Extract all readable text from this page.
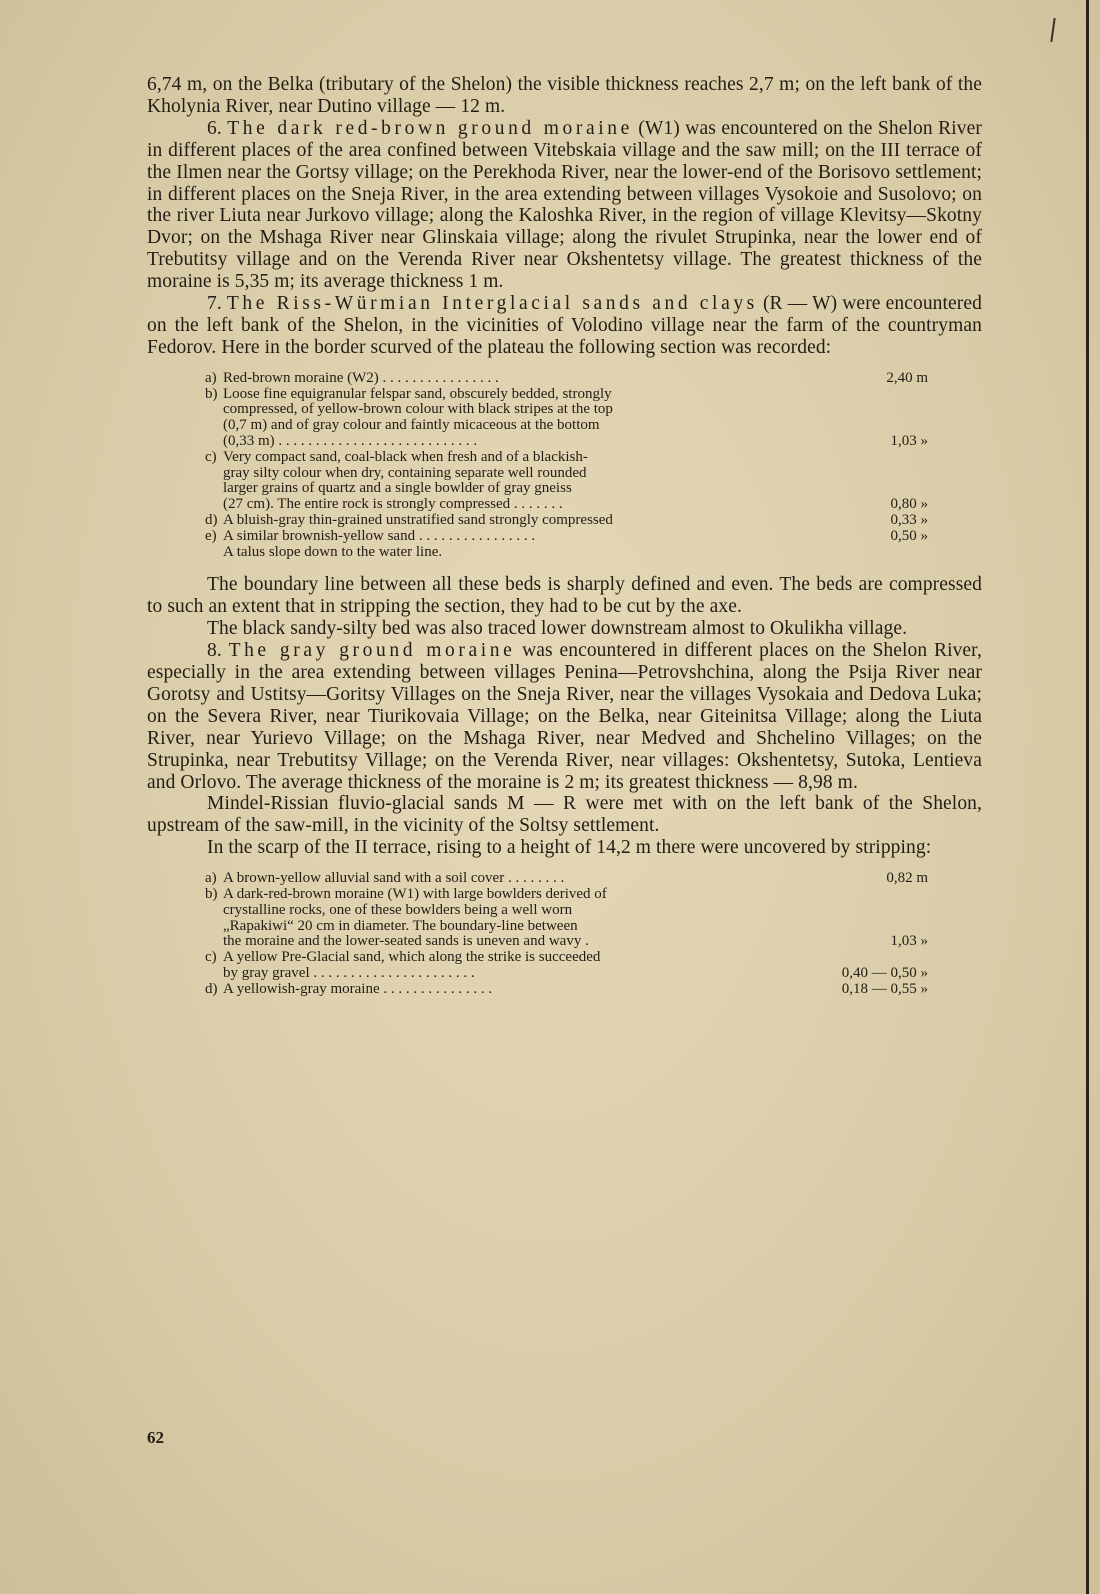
6,74 m, on the Belka (tributary of the Shelon) the visible thickness reaches 2,7 m; on the left bank of the Kholynia River, near Dutino village — 12 m.

6. The dark red-brown ground moraine (W1) was encountered on the Shelon River in different places of the area confined between Vitebskaia village and the saw mill; on the III terrace of the Ilmen near the Gortsy village; on the Perekhoda River, near the lower-end of the Borisovo settlement; in different places on the Sneja River, in the area extending between villages Vysokoie and Susolovo; on the river Liuta near Jurkovo village; along the Kaloshka River, in the region of village Klevitsy—Skotny Dvor; on the Mshaga River near Glinskaia village; along the rivulet Strupinka, near the lower end of Trebutitsy village and on the Verenda River near Okshentetsy village. The greatest thickness of the moraine is 5,35 m; its average thickness 1 m.

7. The Riss-Würmian Interglacial sands and clays (R — W) were encountered on the left bank of the Shelon, in the vicinities of Volodino village near the farm of the countryman Fedorov. Here in the border scurved of the plateau the following section was recorded:

a) Red-brown moraine (W2) . . . . . . . . . . . . . . . .	2,40 m
b) Loose fine equigranular felspar sand, obscurely bedded, strongly
compressed, of yellow-brown colour with black stripes at the top
(0,7 m) and of gray colour and faintly micaceous at the bottom
(0,33 m) . . . . . . . . . . . . . . . . . . . . . . . . . . .	1,03 »
c) Very compact sand, coal-black when fresh and of a blackish-
gray silty colour when dry, containing separate well rounded
larger grains of quartz and a single bowlder of gray gneiss
(27 cm). The entire rock is strongly compressed . . . . . . .	0,80 »
d) A bluish-gray thin-grained unstratified sand strongly compressed	0,33 »
e) A similar brownish-yellow sand . . . . . . . . . . . . . . . .	0,50 »
A talus slope down to the water line.

The boundary line between all these beds is sharply defined and even. The beds are compressed to such an extent that in stripping the section, they had to be cut by the axe.

The black sandy-silty bed was also traced lower downstream almost to Okulikha village.

8. The gray ground moraine was encountered in different places on the Shelon River, especially in the area extending between villages Penina—Petrovshchina, along the Psija River near Gorotsy and Ustitsy—Goritsy Villages on the Sneja River, near the villages Vysokaia and Dedova Luka; on the Severa River, near Tiurikovaia Village; on the Belka, near Giteinitsa Village; along the Liuta River, near Yurievo Village; on the Mshaga River, near Medved and Shchelino Villages; on the Strupinka, near Trebutitsy Village; on the Verenda River, near villages: Okshentetsy, Sutoka, Lentieva and Orlovo. The average thickness of the moraine is 2 m; its greatest thickness — 8,98 m.

Mindel-Rissian fluvio-glacial sands M — R were met with on the left bank of the Shelon, upstream of the saw-mill, in the vicinity of the Soltsy settlement.

In the scarp of the II terrace, rising to a height of 14,2 m there were uncovered by stripping:

a) A brown-yellow alluvial sand with a soil cover . . . . . . . .	0,82 m
b) A dark-red-brown moraine (W1) with large bowlders derived of
crystalline rocks, one of these bowlders being a well worn
„Rapakiwi“ 20 cm in diameter. The boundary-line between
the moraine and the lower-seated sands is uneven and wavy .	1,03 »
c) A yellow Pre-Glacial sand, which along the strike is succeeded
by gray gravel . . . . . . . . . . . . . . . . . . . . . .	0,40 — 0,50 »
d) A yellowish-gray moraine . . . . . . . . . . . . . . .	0,18 — 0,55 »
62
